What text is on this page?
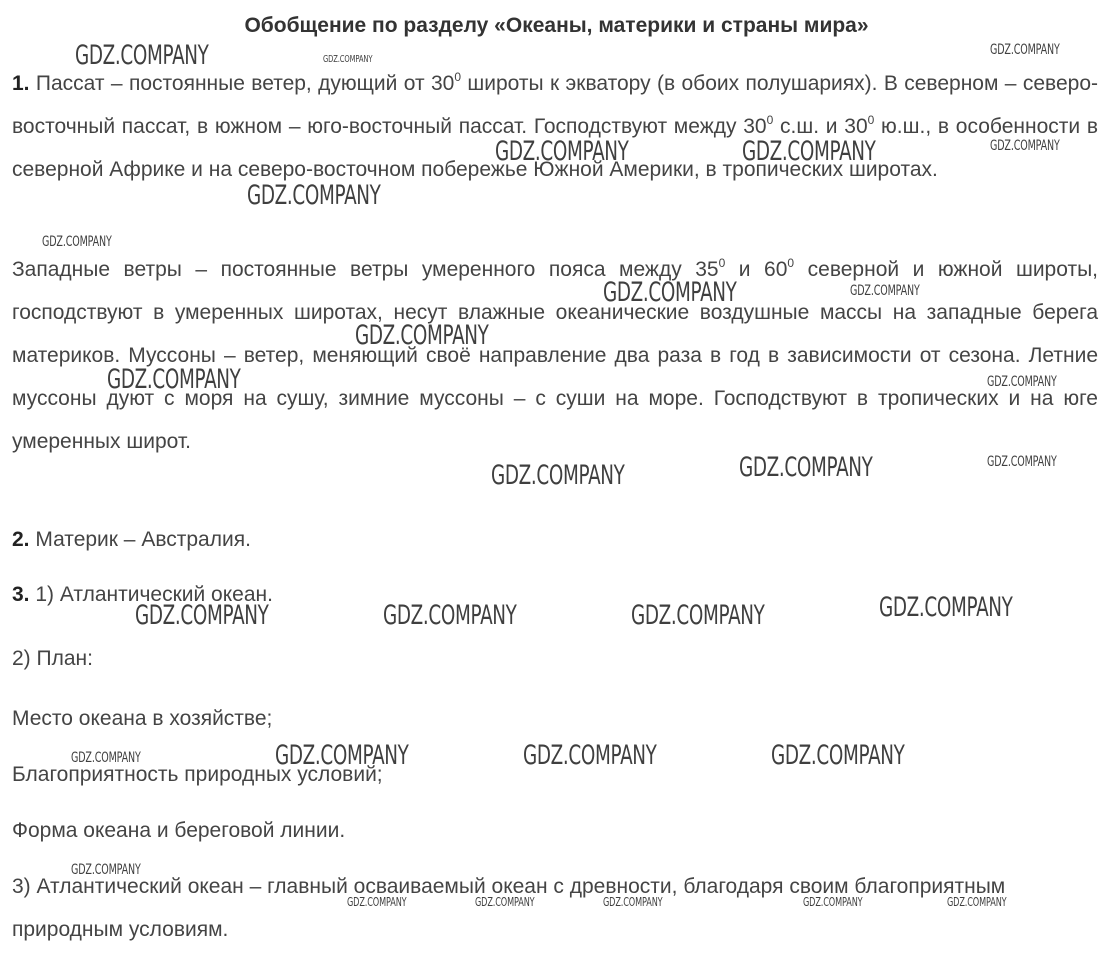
Обобщение по разделу «Океаны, материки и страны мира»
1. Пассат – постоянные ветер, дующий от $30^0$ широты к экватору (в обоих полушариях). В северном – северо-восточный пассат, в южном – юго-восточный пассат. Господствуют между $30^0$ с.ш. и $30^0$ ю.ш., в особенности в северной Африке и на северо-восточном побережье Южной Америки, в тропических широтах.
Западные ветры – постоянные ветры умеренного пояса между $35^0$ и $60^0$ северной и южной широты, господствуют в умеренных широтах, несут влажные океанические воздушные массы на западные берега материков. Муссоны – ветер, меняющий своё направление два раза в год в зависимости от сезона. Летние муссоны дуют с моря на сушу, зимние муссоны – с суши на море. Господствуют в тропических и на юге умеренных широт.
2. Материк – Австралия.
3. 1) Атлантический океан.
2) План:
Место океана в хозяйстве;
Благоприятность природных условий;
Форма океана и береговой линии.
3) Атлантический океан – главный осваиваемый океан с древности, благодаря своим благоприятным природным условиям.
GDZ.COMPANY	GDZ.COMPANY
GDZ.COMPANY
GDZ.COMPANY	GDZ.COMPANY	GDZ.COMPANY
GDZ.COMPANY
GDZ.COMPANY
GDZ.COMPANY	GDZ.COMPANY
GDZ.COMPANY
GDZ.COMPANY	GDZ.COMPANY
GDZ.COMPANY	GDZ.COMPANY
GDZ.COMPANY
GDZ.COMPANY	GDZ.COMPANY	GDZ.COMPANY	GDZ.COMPANY
GDZ.COMPANY	GDZ.COMPANY	GDZ.COMPANY	GDZ.COMPANY
GDZ.COMPANY
GDZ.COMPANY	GDZ.COMPANY	GDZ.COMPANY	GDZ.COMPANY	GDZ.COMPANY
